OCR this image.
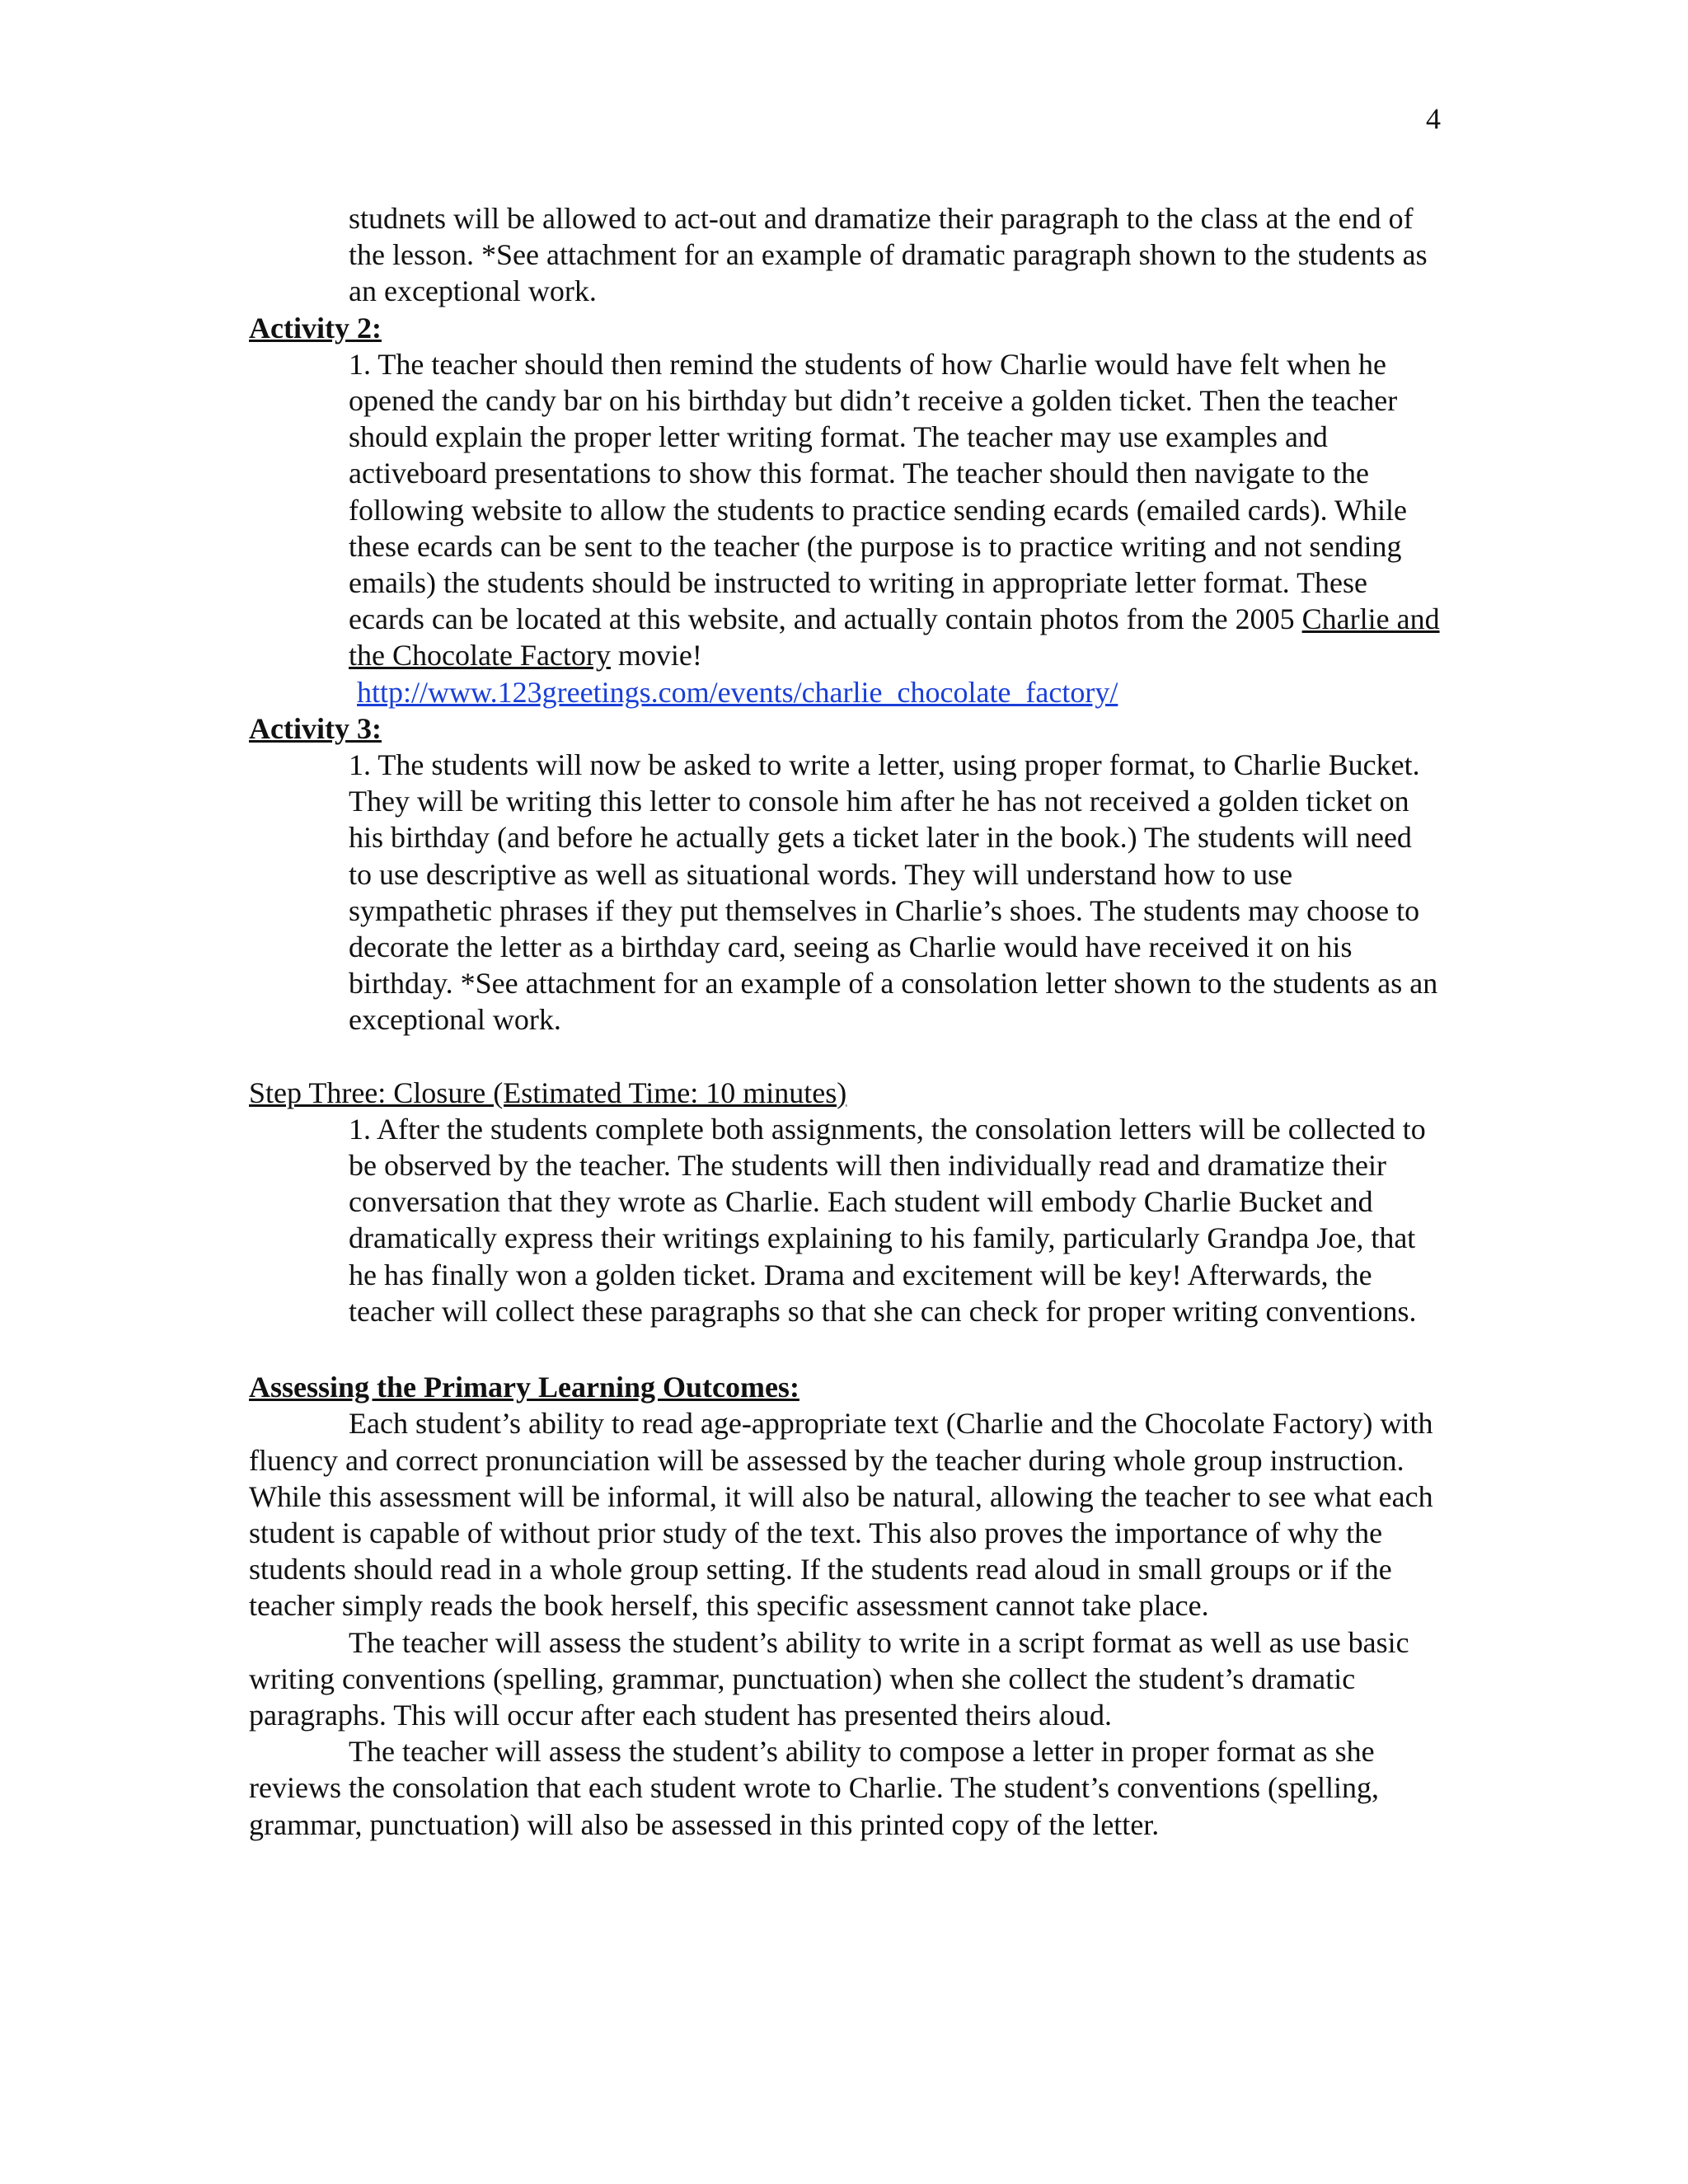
4

studnets will be allowed to act-out and dramatize their paragraph to the class at the end of the lesson. *See attachment for an example of dramatic paragraph shown to the students as an exceptional work.

Activity 2:

1. The teacher should then remind the students of how Charlie would have felt when he opened the candy bar on his birthday but didn’t receive a golden ticket. Then the teacher should explain the proper letter writing format. The teacher may use examples and activeboard presentations to show this format. The teacher should then navigate to the following website to allow the students to practice sending ecards (emailed cards). While these ecards can be sent to the teacher (the purpose is to practice writing and not sending emails) the students should be instructed to writing in appropriate letter format. These ecards can be located at this website, and actually contain photos from the 2005 Charlie and the Chocolate Factory movie!

http://www.123greetings.com/events/charlie_chocolate_factory/

Activity 3:

1. The students will now be asked to write a letter, using proper format, to Charlie Bucket. They will be writing this letter to console him after he has not received a golden ticket on his birthday (and before he actually gets a ticket later in the book.) The students will need to use descriptive as well as situational words. They will understand how to use sympathetic phrases if they put themselves in Charlie’s shoes. The students may choose to decorate the letter as a birthday card, seeing as Charlie would have received it on his birthday. *See attachment for an example of a consolation letter shown to the students as an exceptional work.

Step Three: Closure (Estimated Time: 10 minutes)

1. After the students complete both assignments, the consolation letters will be collected to be observed by the teacher. The students will then individually read and dramatize their conversation that they wrote as Charlie. Each student will embody Charlie Bucket and dramatically express their writings explaining to his family, particularly Grandpa Joe, that he has finally won a golden ticket. Drama and excitement will be key! Afterwards, the teacher will collect these paragraphs so that she can check for proper writing conventions.

Assessing the Primary Learning Outcomes:

Each student’s ability to read age-appropriate text (Charlie and the Chocolate Factory) with fluency and correct pronunciation will be assessed by the teacher during whole group instruction. While this assessment will be informal, it will also be natural, allowing the teacher to see what each student is capable of without prior study of the text. This also proves the importance of why the students should read in a whole group setting. If the students read aloud in small groups or if the teacher simply reads the book herself, this specific assessment cannot take place.

The teacher will assess the student’s ability to write in a script format as well as use basic writing conventions (spelling, grammar, punctuation) when she collect the student’s dramatic paragraphs. This will occur after each student has presented theirs aloud.

The teacher will assess the student’s ability to compose a letter in proper format as she reviews the consolation that each student wrote to Charlie. The student’s conventions (spelling, grammar, punctuation) will also be assessed in this printed copy of the letter.
